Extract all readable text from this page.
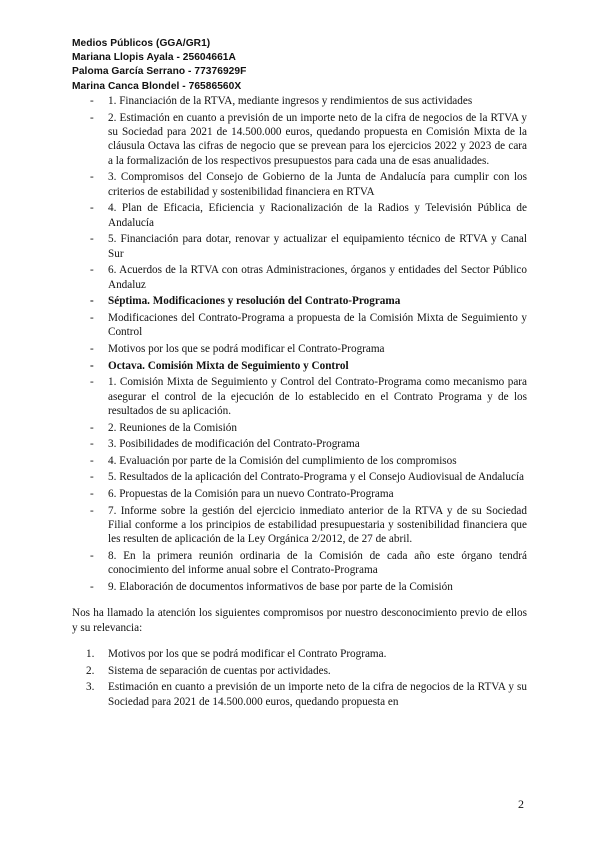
Medios Públicos (GGA/GR1)
Mariana Llopis Ayala - 25604661A
Paloma García Serrano - 77376929F
Marina Canca Blondel - 76586560X
- 1. Financiación de la RTVA, mediante ingresos y rendimientos de sus actividades
- 2. Estimación en cuanto a previsión de un importe neto de la cifra de negocios de la RTVA y su Sociedad para 2021 de 14.500.000 euros, quedando propuesta en Comisión Mixta de la cláusula Octava las cifras de negocio que se prevean para los ejercicios 2022 y 2023 de cara a la formalización de los respectivos presupuestos para cada una de esas anualidades.
- 3. Compromisos del Consejo de Gobierno de la Junta de Andalucía para cumplir con los criterios de estabilidad y sostenibilidad financiera en RTVA
- 4. Plan de Eficacia, Eficiencia y Racionalización de la Radios y Televisión Pública de Andalucía
- 5. Financiación para dotar, renovar y actualizar el equipamiento técnico de RTVA y Canal Sur
- 6. Acuerdos de la RTVA con otras Administraciones, órganos y entidades del Sector Público Andaluz
- Séptima. Modificaciones y resolución del Contrato-Programa
- Modificaciones del Contrato-Programa a propuesta de la Comisión Mixta de Seguimiento y Control
- Motivos por los que se podrá modificar el Contrato-Programa
- Octava. Comisión Mixta de Seguimiento y Control
- 1. Comisión Mixta de Seguimiento y Control del Contrato-Programa como mecanismo para asegurar el control de la ejecución de lo establecido en el Contrato Programa y de los resultados de su aplicación.
- 2. Reuniones de la Comisión
- 3. Posibilidades de modificación del Contrato-Programa
- 4. Evaluación por parte de la Comisión del cumplimiento de los compromisos
- 5. Resultados de la aplicación del Contrato-Programa y el Consejo Audiovisual de Andalucía
- 6. Propuestas de la Comisión para un nuevo Contrato-Programa
- 7. Informe sobre la gestión del ejercicio inmediato anterior de la RTVA y de su Sociedad Filial conforme a los principios de estabilidad presupuestaria y sostenibilidad financiera que les resulten de aplicación de la Ley Orgánica 2/2012, de 27 de abril.
- 8. En la primera reunión ordinaria de la Comisión de cada año este órgano tendrá conocimiento del informe anual sobre el Contrato-Programa
- 9. Elaboración de documentos informativos de base por parte de la Comisión
Nos ha llamado la atención los siguientes compromisos por nuestro desconocimiento previo de ellos y su relevancia:
1. Motivos por los que se podrá modificar el Contrato Programa.
2. Sistema de separación de cuentas por actividades.
3. Estimación en cuanto a previsión de un importe neto de la cifra de negocios de la RTVA y su Sociedad para 2021 de 14.500.000 euros, quedando propuesta en
2
